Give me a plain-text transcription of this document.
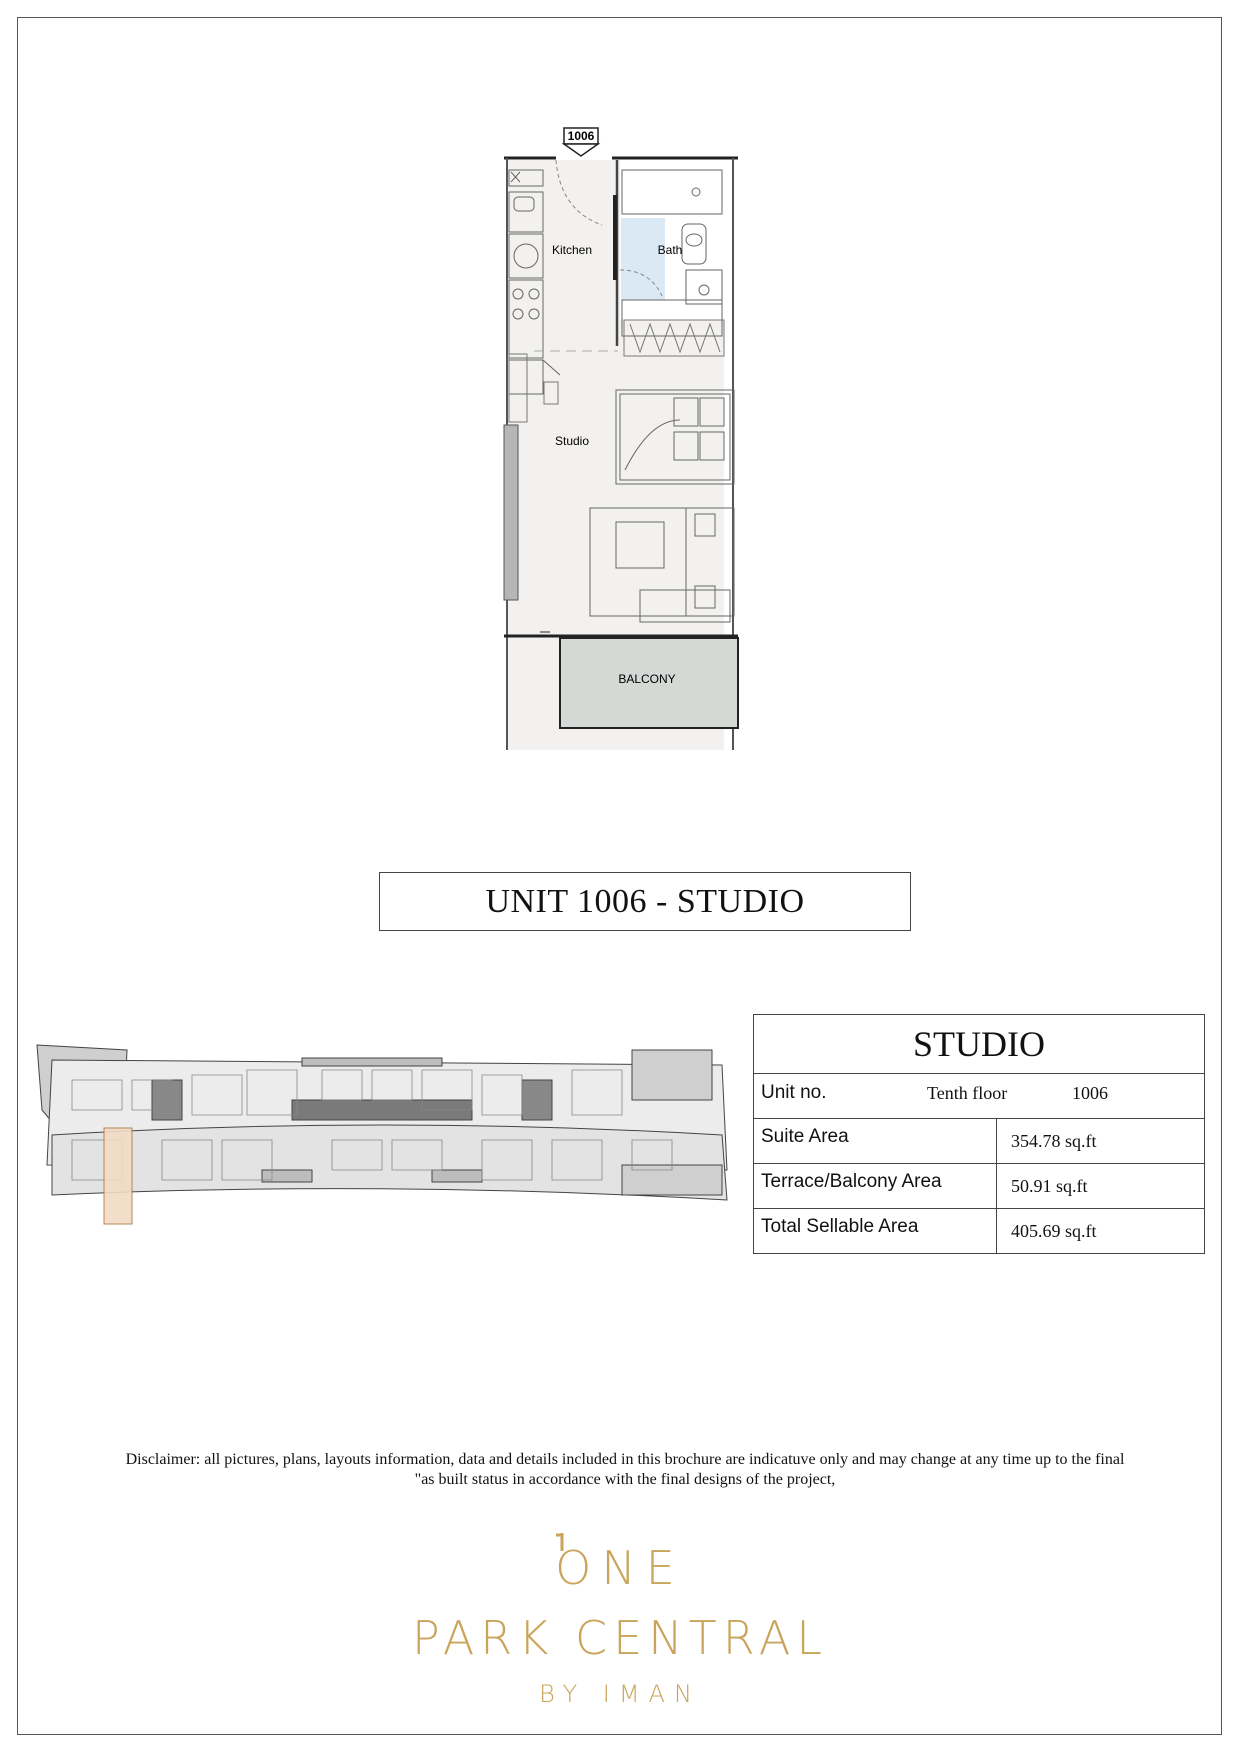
1006
Kitchen	Bath
Studio
BALCONY
UNIT 1006 - STUDIO
STUDIO
Unit no.	Tenth floor	1006
Suite Area	354.78 sq.ft
Terrace/Balcony Area	50.91 sq.ft
Total Sellable Area	405.69 sq.ft
Disclaimer: all pictures, plans, layouts information, data and details included in this brochure are indicatuve only and may change at any time up to the final
"as built status in accordance with the final designs of the project,
ONE
PARK CENTRAL
BY IMAN
